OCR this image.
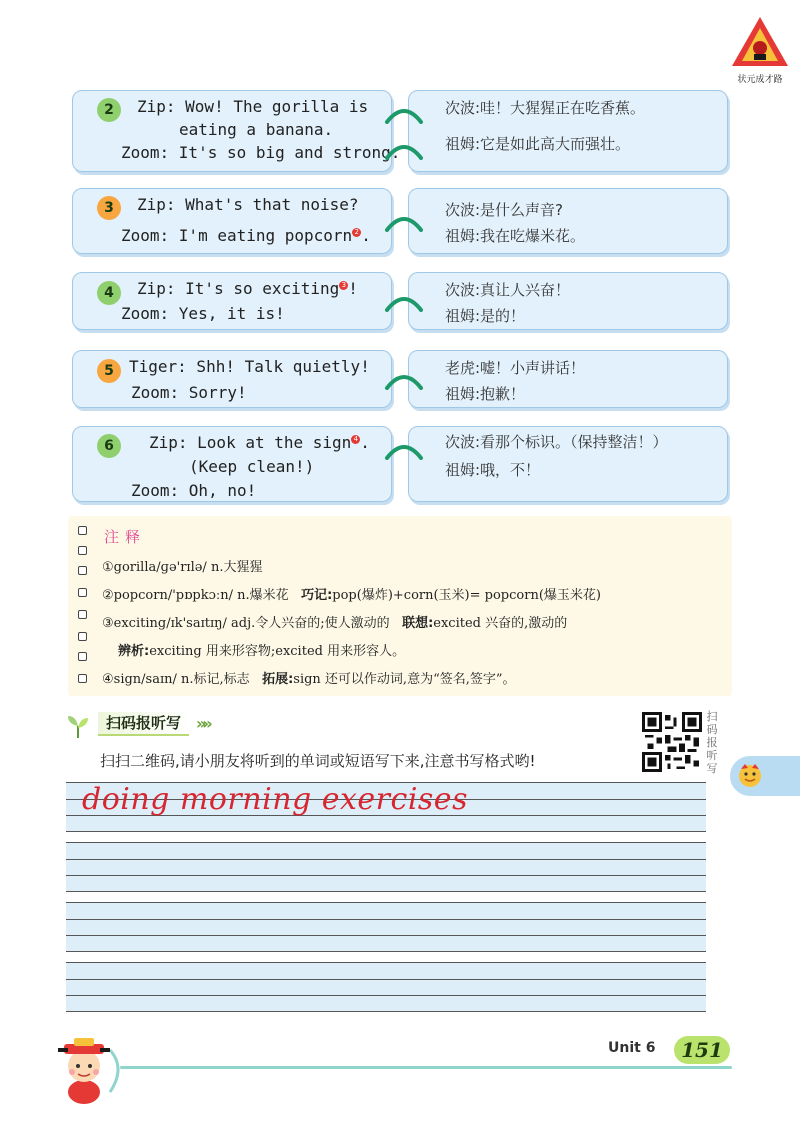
状元成才路
2	Zip: Wow! The gorilla is
eating a banana.
Zoom: It's so big and strong.
次波:哇！大猩猩正在吃香蕉。
祖姆:它是如此高大而强壮。
3	Zip: What's that noise?
Zoom: I'm eating popcorn 2 .
次波:是什么声音?
祖姆:我在吃爆米花。
4	Zip: It's so exciting 3 !
Zoom: Yes, it is!
次波:真让人兴奋！
祖姆:是的！
5 Tiger: Shh! Talk quietly!
Zoom: Sorry!
老虎:嘘！小声讲话！
祖姆:抱歉！
6	Zip: Look at the sign 4 .
(Keep clean!)
Zoom: Oh, no!
次波:看那个标识。（保持整洁！）
祖姆:哦，不！
注释
①gorilla/ɡə'rɪlə/ n.大猩猩
②popcorn/'pɒpkɔːn/ n.爆米花 巧记:pop(爆炸)+corn(玉米)= popcorn(爆玉米花)
③exciting/ɪk'saɪtɪŋ/ adj.令人兴奋的;使人激动的 联想:excited 兴奋的,激动的
辨析:exciting 用来形容物;excited 用来形容人。
④sign/saɪn/ n.标记,标志 拓展:sign 还可以作动词,意为“签名,签字”。
扫码报听写 »»	扫码报听写
扫扫二维码,请小朋友将听到的单词或短语写下来,注意书写格式哟!
doing morning exercises
Unit 6	151
